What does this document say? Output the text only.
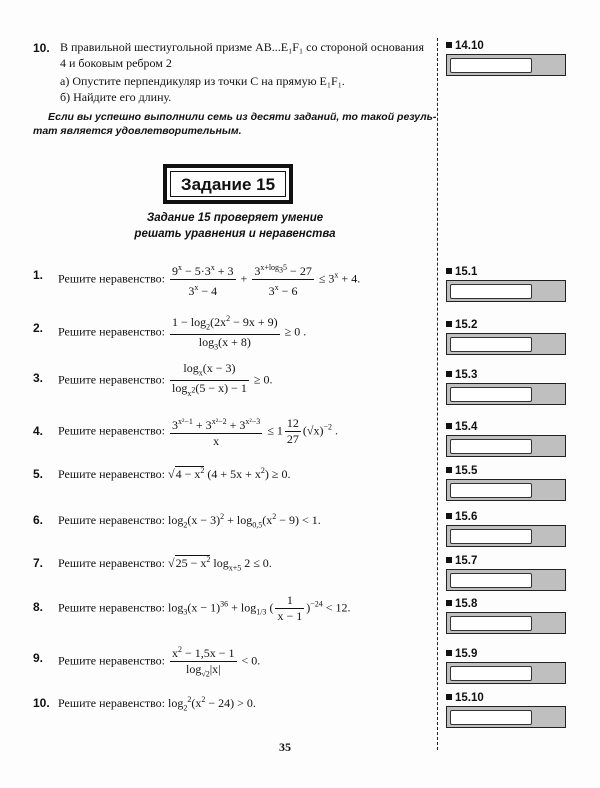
10. В правильной шестиугольной призме AB...E₁F₁ со стороной основания
4 и боковым ребром 2
а) Опустите перпендикуляр из точки C на прямую E₁F₁.
б) Найдите его длину.
Если вы успешно выполнили семь из десяти заданий, то такой резуль-
тат является удовлетворительным.
Задание 15
Задание 15 проверяет умение
решать уравнения и неравенства
1.
2.
3.
4.
5.
6.
7.
8.
9.
10.
Решите неравенство: $\frac{9^x - 5\cdot 3^x + 3}{3^x - 4} + \frac{3^{x+log_35} - 27}{3^x - 6} \le 3^x + 4$.
Решите неравенство: $\frac{1 - \log_2(2x^2 - 9x + 9)}{\log_3(x + 8)} \ge 0$ .
Решите неравенство: $\frac{\log_x(x - 3)}{\log_{x^2}(5 - x) - 1} \ge 0$.
Решите неравенство: $\frac{3^{x^2-1} + 3^{x^2-2} + 3^{x^2-3}}{x} \le 1 \frac{12}{27} (√x)^{-2}$ .
Решите неравенство: $√4 - x^2$ $(4 + 5x + x^2) \ge 0$.
Решите неравенство: $\log_2(x - 3)^2 + \log_{0,5}(x^2 - 9) < 1$.
Решите неравенство: $√25 - x^2$ $\log_{x+5} 2 \le 0$.
Решите неравенство: $\log_3(x - 1)^{36} + \log_{1/3}$ ( $\frac{1}{x - 1} )^{-24} < 12$.
Решите неравенство: $\frac{x^2 - 1,5x - 1}{\log_{√2}|x|} < 0$.
Решите неравенство: $\log_2^2(x^2 - 24) > 0$.
14.10
15.1
15.2
15.3
15.4
15.5
15.6
15.7
15.8
15.9
15.10
35
